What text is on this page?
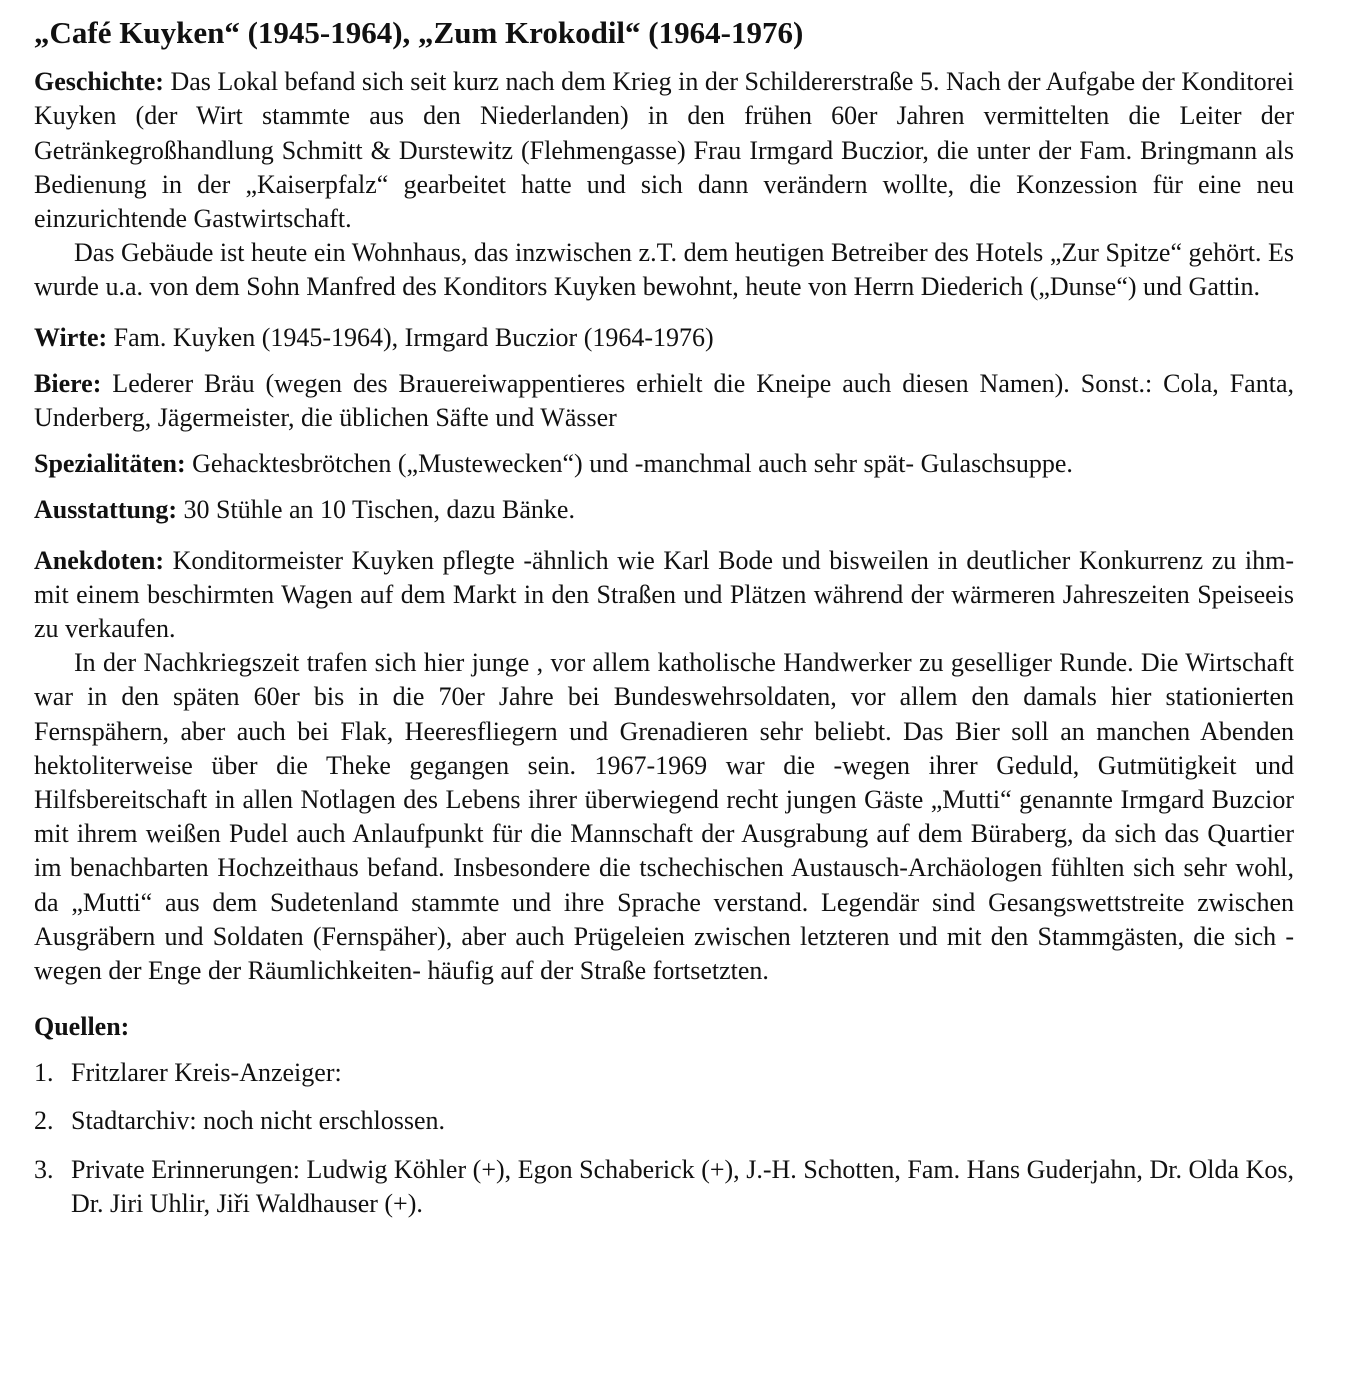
„Café Kuyken“ (1945-1964), „Zum Krokodil“ (1964-1976)

Geschichte: Das Lokal befand sich seit kurz nach dem Krieg in der Schildererstraße 5. Nach der Aufgabe der Konditorei Kuyken (der Wirt stammte aus den Niederlanden) in den frühen 60er Jahren vermittelten die Leiter der Getränkegroßhandlung Schmitt & Durstewitz (Flehmengasse) Frau Irmgard Buczior, die unter der Fam. Bringmann als Bedienung in der „Kaiserpfalz“ gearbeitet hatte und sich dann verändern wollte, die Konzession für eine neu einzurichtende Gastwirtschaft.

Das Gebäude ist heute ein Wohnhaus, das inzwischen z.T. dem heutigen Betreiber des Hotels „Zur Spitze“ gehört. Es wurde u.a. von dem Sohn Manfred des Konditors Kuyken bewohnt, heute von Herrn Diederich („Dunse“) und Gattin.

Wirte: Fam. Kuyken (1945-1964), Irmgard Buczior (1964-1976)

Biere: Lederer Bräu (wegen des Brauereiwappentieres erhielt die Kneipe auch diesen Namen). Sonst.: Cola, Fanta, Underberg, Jägermeister, die üblichen Säfte und Wässer

Spezialitäten: Gehacktesbrötchen („Mustewecken“) und -manchmal auch sehr spät- Gulaschsuppe.

Ausstattung: 30 Stühle an 10 Tischen, dazu Bänke.

Anekdoten: Konditormeister Kuyken pflegte -ähnlich wie Karl Bode und bisweilen in deutlicher Konkurrenz zu ihm- mit einem beschirmten Wagen auf dem Markt in den Straßen und Plätzen während der wärmeren Jahreszeiten Speiseeis zu verkaufen.

In der Nachkriegszeit trafen sich hier junge , vor allem katholische Handwerker zu geselliger Runde. Die Wirtschaft war in den späten 60er bis in die 70er Jahre bei Bundeswehrsoldaten, vor allem den damals hier stationierten Fernspähern, aber auch bei Flak, Heeresfliegern und Grenadieren sehr beliebt. Das Bier soll an manchen Abenden hektoliterweise über die Theke gegangen sein. 1967-1969 war die -wegen ihrer Geduld, Gutmütigkeit und Hilfsbereitschaft in allen Notlagen des Lebens ihrer überwiegend recht jungen Gäste „Mutti“ genannte Irmgard Buzcior mit ihrem weißen Pudel auch Anlaufpunkt für die Mannschaft der Ausgrabung auf dem Büraberg, da sich das Quartier im benachbarten Hochzeithaus befand. Insbesondere die tschechischen Austausch-Archäologen fühlten sich sehr wohl, da „Mutti“ aus dem Sudetenland stammte und ihre Sprache verstand. Legendär sind Gesangswettstreite zwischen Ausgräbern und Soldaten (Fernspäher), aber auch Prügeleien zwischen letzteren und mit den Stammgästen, die sich -wegen der Enge der Räumlichkeiten- häufig auf der Straße fortsetzten.

Quellen:
1. Fritzlarer Kreis-Anzeiger:
2. Stadtarchiv: noch nicht erschlossen.
3. Private Erinnerungen: Ludwig Köhler (+), Egon Schaberick (+), J.-H. Schotten, Fam. Hans Guderjahn, Dr. Olda Kos, Dr. Jiri Uhlir, Jiři Waldhauser (+).
